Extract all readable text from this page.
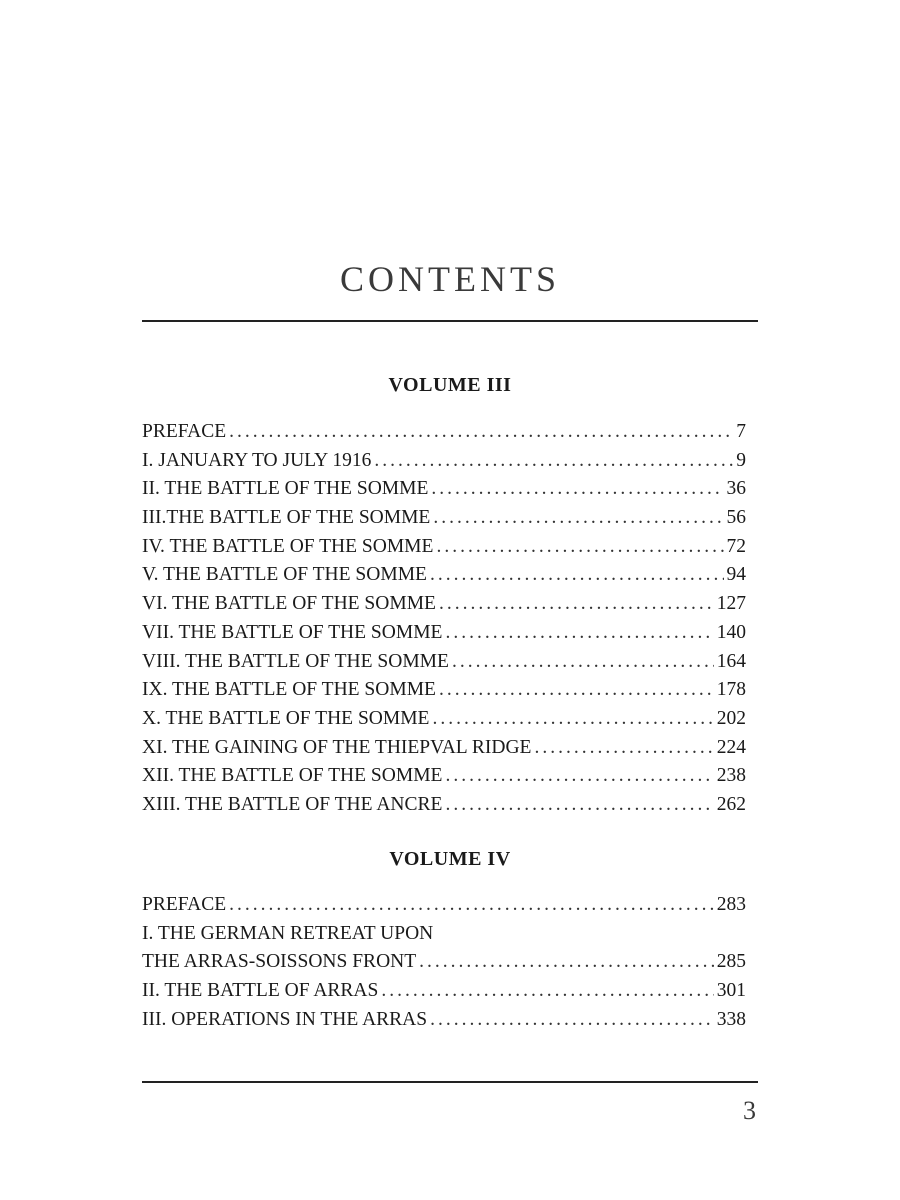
CONTENTS
VOLUME III
PREFACE .....	7
I. JANUARY TO JULY 1916 .....	9
II. THE BATTLE OF THE SOMME .....	36
III.THE BATTLE OF THE SOMME .....	56
IV. THE BATTLE OF THE SOMME .....	72
V. THE BATTLE OF THE SOMME .....	94
VI. THE BATTLE OF THE SOMME .....	127
VII. THE BATTLE OF THE SOMME .....	140
VIII. THE BATTLE OF THE SOMME .....	164
IX. THE BATTLE OF THE SOMME .....	178
X. THE BATTLE OF THE SOMME .....	202
XI. THE GAINING OF THE THIEPVAL RIDGE .....	224
XII. THE BATTLE OF THE SOMME .....	238
XIII. THE BATTLE OF THE ANCRE .....	262
VOLUME IV
PREFACE .....	283
I. THE GERMAN RETREAT UPON
THE ARRAS-SOISSONS FRONT .....	285
II. THE BATTLE OF ARRAS .....	301
III. OPERATIONS IN THE ARRAS .....	338
3
